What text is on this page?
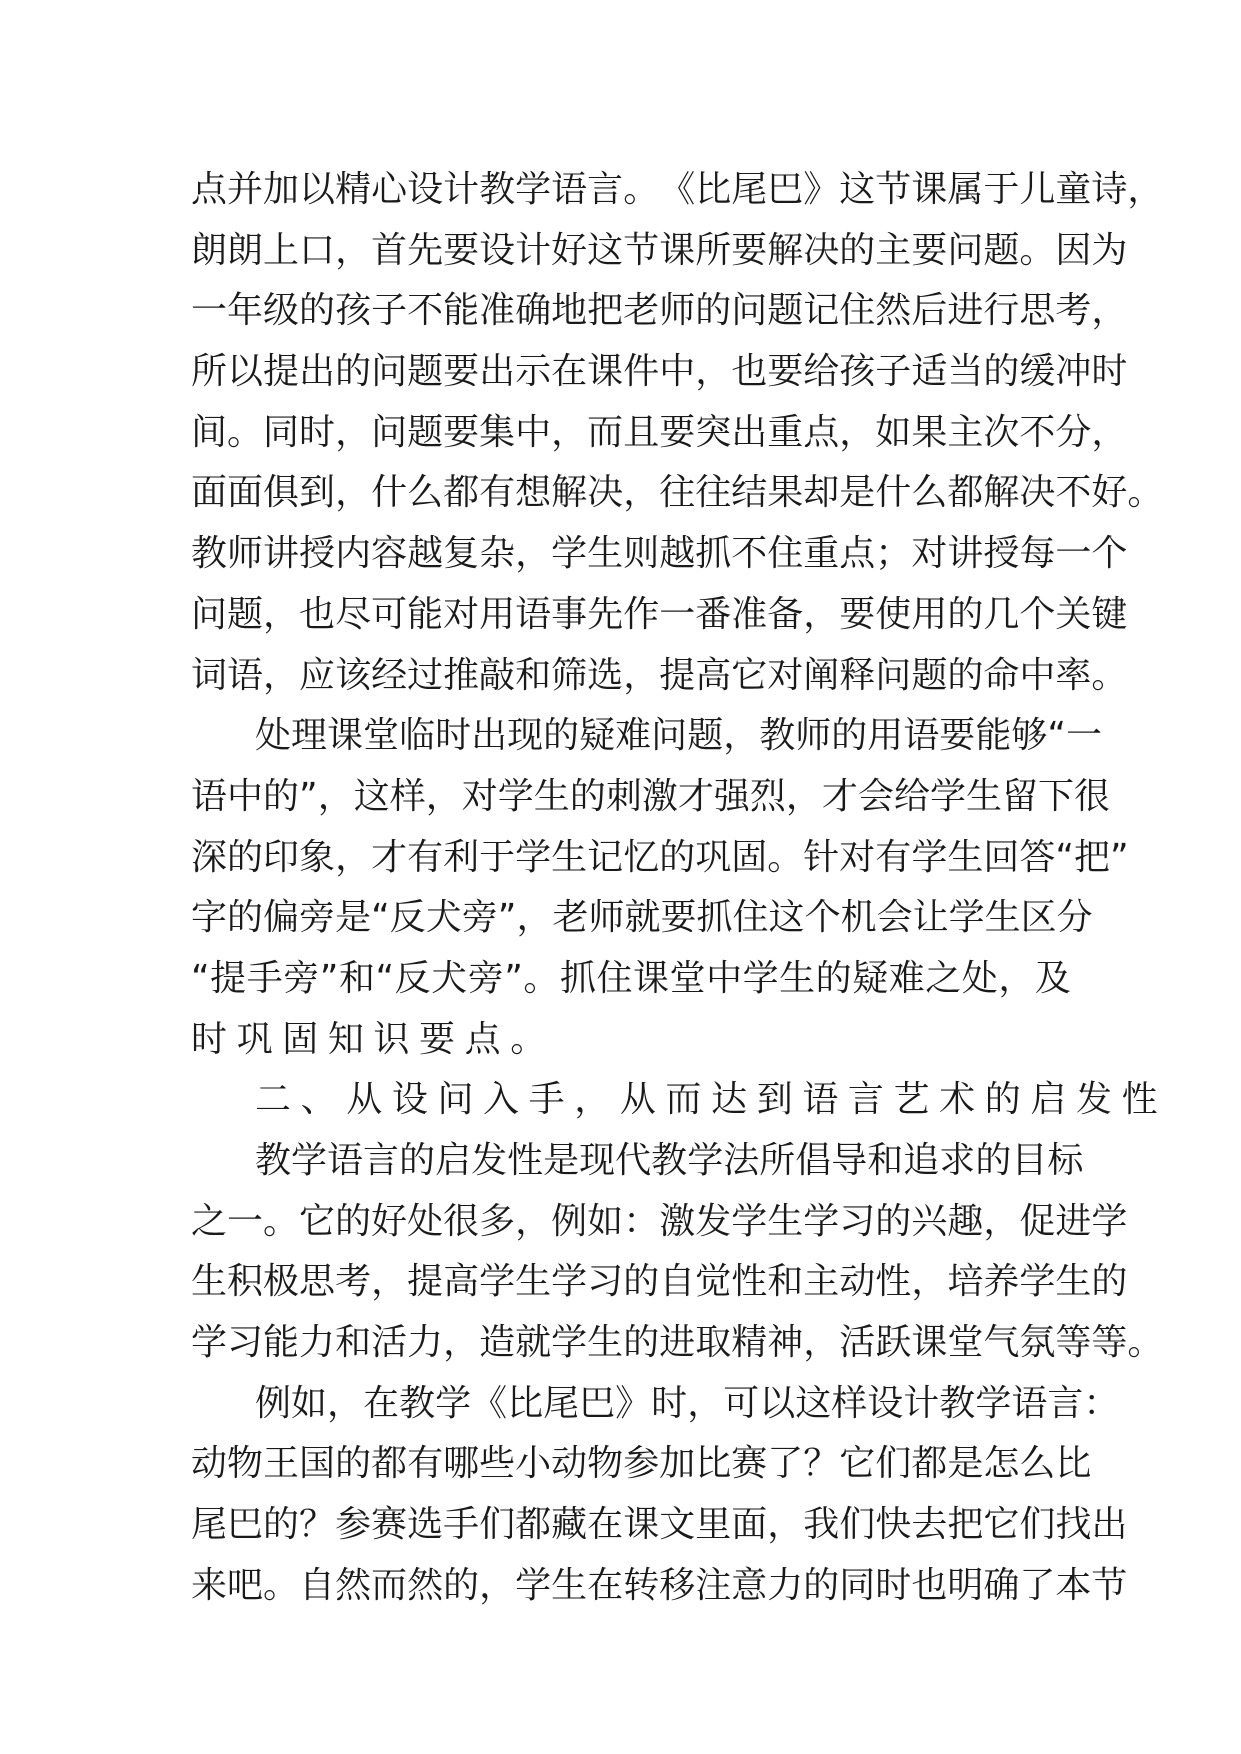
点 并 加 以 精 心 设 计 教 学 语 言 。 《 比 尾 巴 》 这 节 课 属 于 儿 童 诗 ，
朗 朗 上 口 ， 首 先 要 设 计 好 这 节 课 所 要 解 决 的 主 要 问 题 。 因 为
一 年 级 的 孩 子 不 能 准 确 地 把 老 师 的 问 题 记 住 然 后 进 行 思 考 ，
所 以 提 出 的 问 题 要 出 示 在 课 件 中 ， 也 要 给 孩 子 适 当 的 缓 冲 时
间 。 同 时 ， 问 题 要 集 中 ， 而 且 要 突 出 重 点 ， 如 果 主 次 不 分 ，
面 面 俱 到 ， 什 么 都 有 想 解 决 ， 往 往 结 果 却 是 什 么 都 解 决 不 好 。
教 师 讲 授 内 容 越 复 杂 ， 学 生 则 越 抓 不 住 重 点 ； 对 讲 授 每 一 个
问 题 ， 也 尽 可 能 对 用 语 事 先 作 一 番 准 备 ， 要 使 用 的 几 个 关 键
词 语 ， 应 该 经 过 推 敲 和 筛 选 ， 提 高 它 对 阐 释 问 题 的 命 中 率 。
处 理 课 堂 临 时 出 现 的 疑 难 问 题 ， 教 师 的 用 语 要 能 够 “ 一
语 中 的 ” ， 这 样 ， 对 学 生 的 刺 激 才 强 烈 ， 才 会 给 学 生 留 下 很
深 的 印 象 ， 才 有 利 于 学 生 记 忆 的 巩 固 。 针 对 有 学 生 回 答 “ 把 ”
字 的 偏 旁 是 “ 反 犬 旁 ” ， 老 师 就 要 抓 住 这 个 机 会 让 学 生 区 分
“ 提 手 旁 ” 和 “ 反 犬 旁 ” 。 抓 住 课 堂 中 学 生 的 疑 难 之 处 ， 及
时 巩 固 知 识 要 点 。
二 、 从 设 问 入 手 ， 从 而 达 到 语 言 艺 术 的 启 发 性
教 学 语 言 的 启 发 性 是 现 代 教 学 法 所 倡 导 和 追 求 的 目 标
之 一 。 它 的 好 处 很 多 ， 例 如 ： 激 发 学 生 学 习 的 兴 趣 ， 促 进 学
生 积 极 思 考 ， 提 高 学 生 学 习 的 自 觉 性 和 主 动 性 ， 培 养 学 生 的
学 习 能 力 和 活 力 ， 造 就 学 生 的 进 取 精 神 ， 活 跃 课 堂 气 氛 等 等 。
例 如 ， 在 教 学 《 比 尾 巴 》 时 ， 可 以 这 样 设 计 教 学 语 言 ：
动 物 王 国 的 都 有 哪 些 小 动 物 参 加 比 赛 了 ？ 它 们 都 是 怎 么 比
尾 巴 的 ？ 参 赛 选 手 们 都 藏 在 课 文 里 面 ， 我 们 快 去 把 它 们 找 出
来 吧 。 自 然 而 然 的 ， 学 生 在 转 移 注 意 力 的 同 时 也 明 确 了 本 节
